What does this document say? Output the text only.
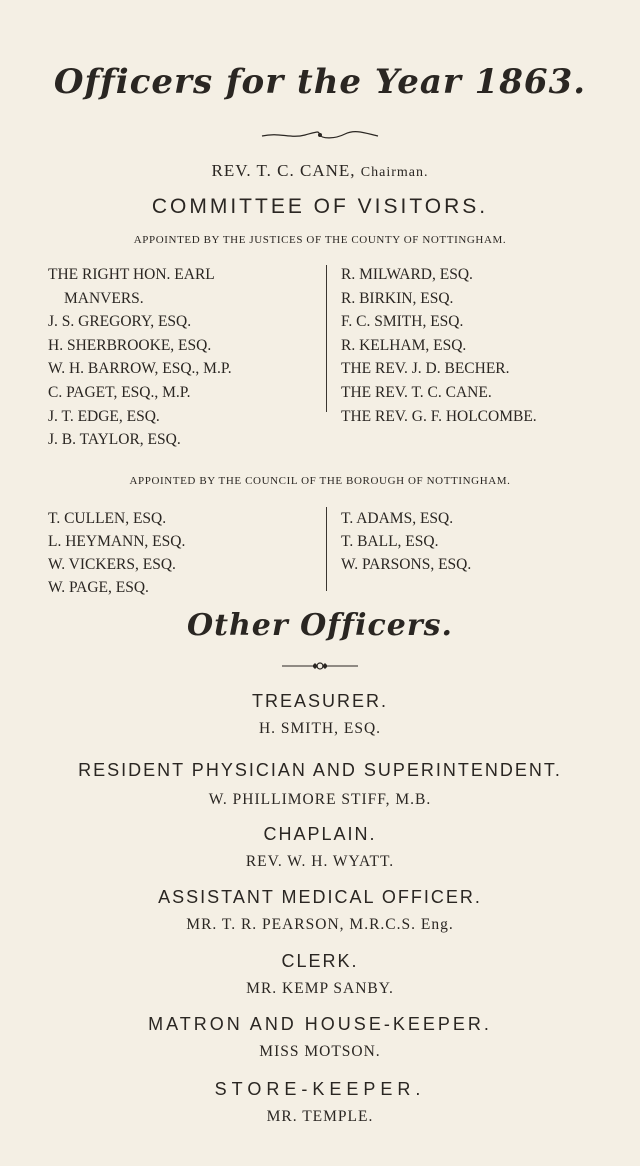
Officers for the Year 1863.
REV. T. C. CANE, Chairman.
COMMITTEE OF VISITORS.
APPOINTED BY THE JUSTICES OF THE COUNTY OF NOTTINGHAM.
THE RIGHT HON. EARL
MANVERS.
J. S. GREGORY, ESQ.
H. SHERBROOKE, ESQ.
W. H. BARROW, ESQ., M.P.
C. PAGET, ESQ., M.P.
J. T. EDGE, ESQ.
J. B. TAYLOR, ESQ.
R. MILWARD, ESQ.
R. BIRKIN, ESQ.
F. C. SMITH, ESQ.
R. KELHAM, ESQ.
THE REV. J. D. BECHER.
THE REV. T. C. CANE.
THE REV. G. F. HOLCOMBE.
APPOINTED BY THE COUNCIL OF THE BOROUGH OF NOTTINGHAM.
T. CULLEN, ESQ.
L. HEYMANN, ESQ.
W. VICKERS, ESQ.
W. PAGE, ESQ.
T. ADAMS, ESQ.
T. BALL, ESQ.
W. PARSONS, ESQ.
Other Officers.
TREASURER.
H. SMITH, ESQ.
RESIDENT PHYSICIAN AND SUPERINTENDENT.
W. PHILLIMORE STIFF, M.B.
CHAPLAIN.
REV. W. H. WYATT.
ASSISTANT MEDICAL OFFICER.
MR. T. R. PEARSON, M.R.C.S. Eng.
CLERK.
MR. KEMP SANBY.
MATRON AND HOUSE-KEEPER.
MISS MOTSON.
STORE-KEEPER.
MR. TEMPLE.
